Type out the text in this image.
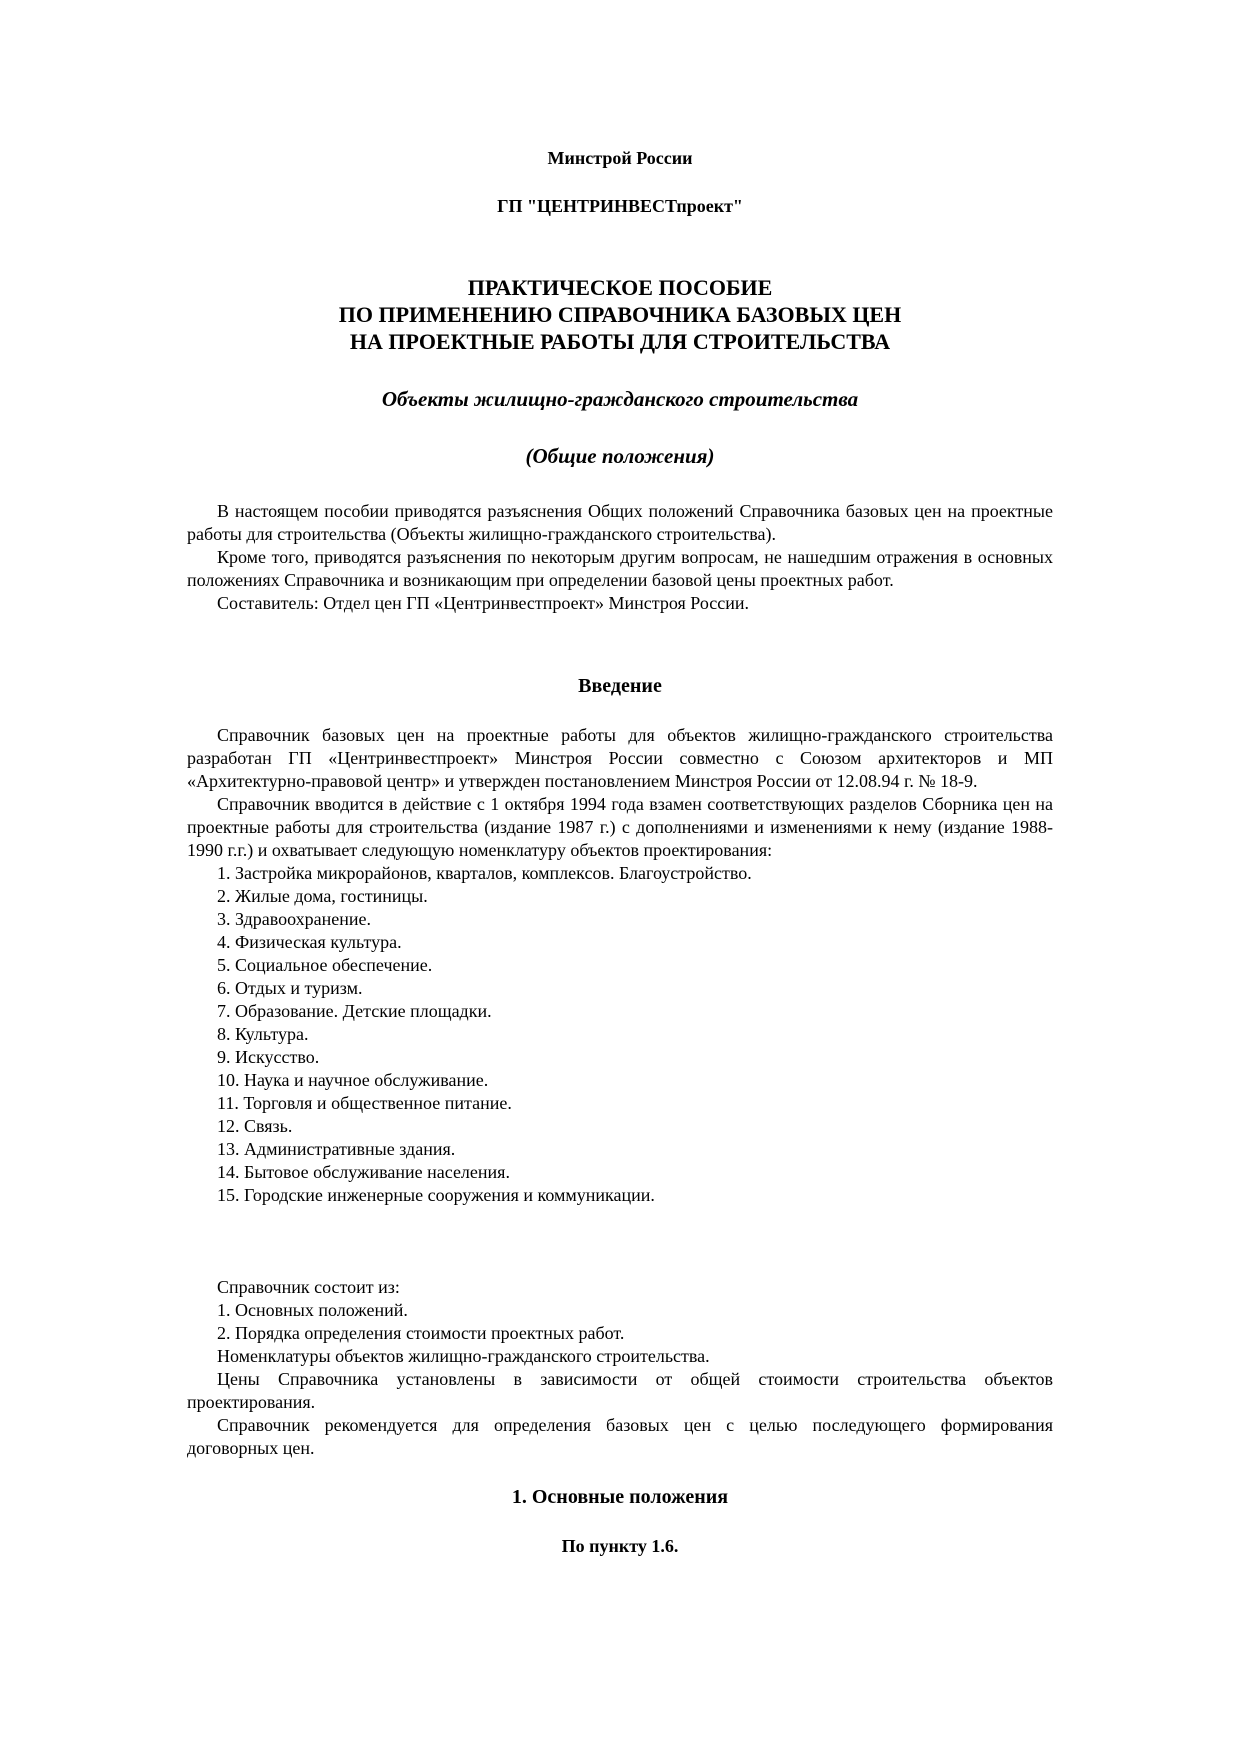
Минстрой России
ГП "ЦЕНТРИНВЕСТпроект"
ПРАКТИЧЕСКОЕ ПОСОБИЕ
ПО ПРИМЕНЕНИЮ СПРАВОЧНИКА БАЗОВЫХ ЦЕН
НА ПРОЕКТНЫЕ РАБОТЫ ДЛЯ СТРОИТЕЛЬСТВА
Объекты жилищно-гражданского строительства
(Общие положения)

В настоящем пособии приводятся разъяснения Общих положений Справочника базовых цен на проектные работы для строительства (Объекты жилищно-гражданского строительства).

Кроме того, приводятся разъяснения по некоторым другим вопросам, не нашедшим отражения в основных положениях Справочника и возникающим при определении базовой цены проектных работ.

Составитель: Отдел цен ГП «Центринвестпроект» Минстроя России.

Введение

Справочник базовых цен на проектные работы для объектов жилищно-гражданского строительства разработан ГП «Центринвестпроект» Минстроя России совместно с Союзом архитекторов и МП «Архитектурно-правовой центр» и утвержден постановлением Минстроя России от 12.08.94 г. № 18-9.

Справочник вводится в действие с 1 октября 1994 года взамен соответствующих разделов Сборника цен на проектные работы для строительства (издание 1987 г.) с дополнениями и изменениями к нему (издание 1988-1990 г.г.) и охватывает следующую номенклатуру объектов проектирования:

1. Застройка микрорайонов, кварталов, комплексов. Благоустройство.

2. Жилые дома, гостиницы.

3. Здравоохранение.

4. Физическая культура.

5. Социальное обеспечение.

6. Отдых и туризм.

7. Образование. Детские площадки.

8. Культура.

9. Искусство.

10. Наука и научное обслуживание.

11. Торговля и общественное питание.

12. Связь.

13. Административные здания.

14. Бытовое обслуживание населения.

15. Городские инженерные сооружения и коммуникации.

Справочник состоит из:

1. Основных положений.

2. Порядка определения стоимости проектных работ.

Номенклатуры объектов жилищно-гражданского строительства.

Цены Справочника установлены в зависимости от общей стоимости строительства объектов проектирования.

Справочник рекомендуется для определения базовых цен с целью последующего формирования договорных цен.

1. Основные положения
По пункту 1.6.
